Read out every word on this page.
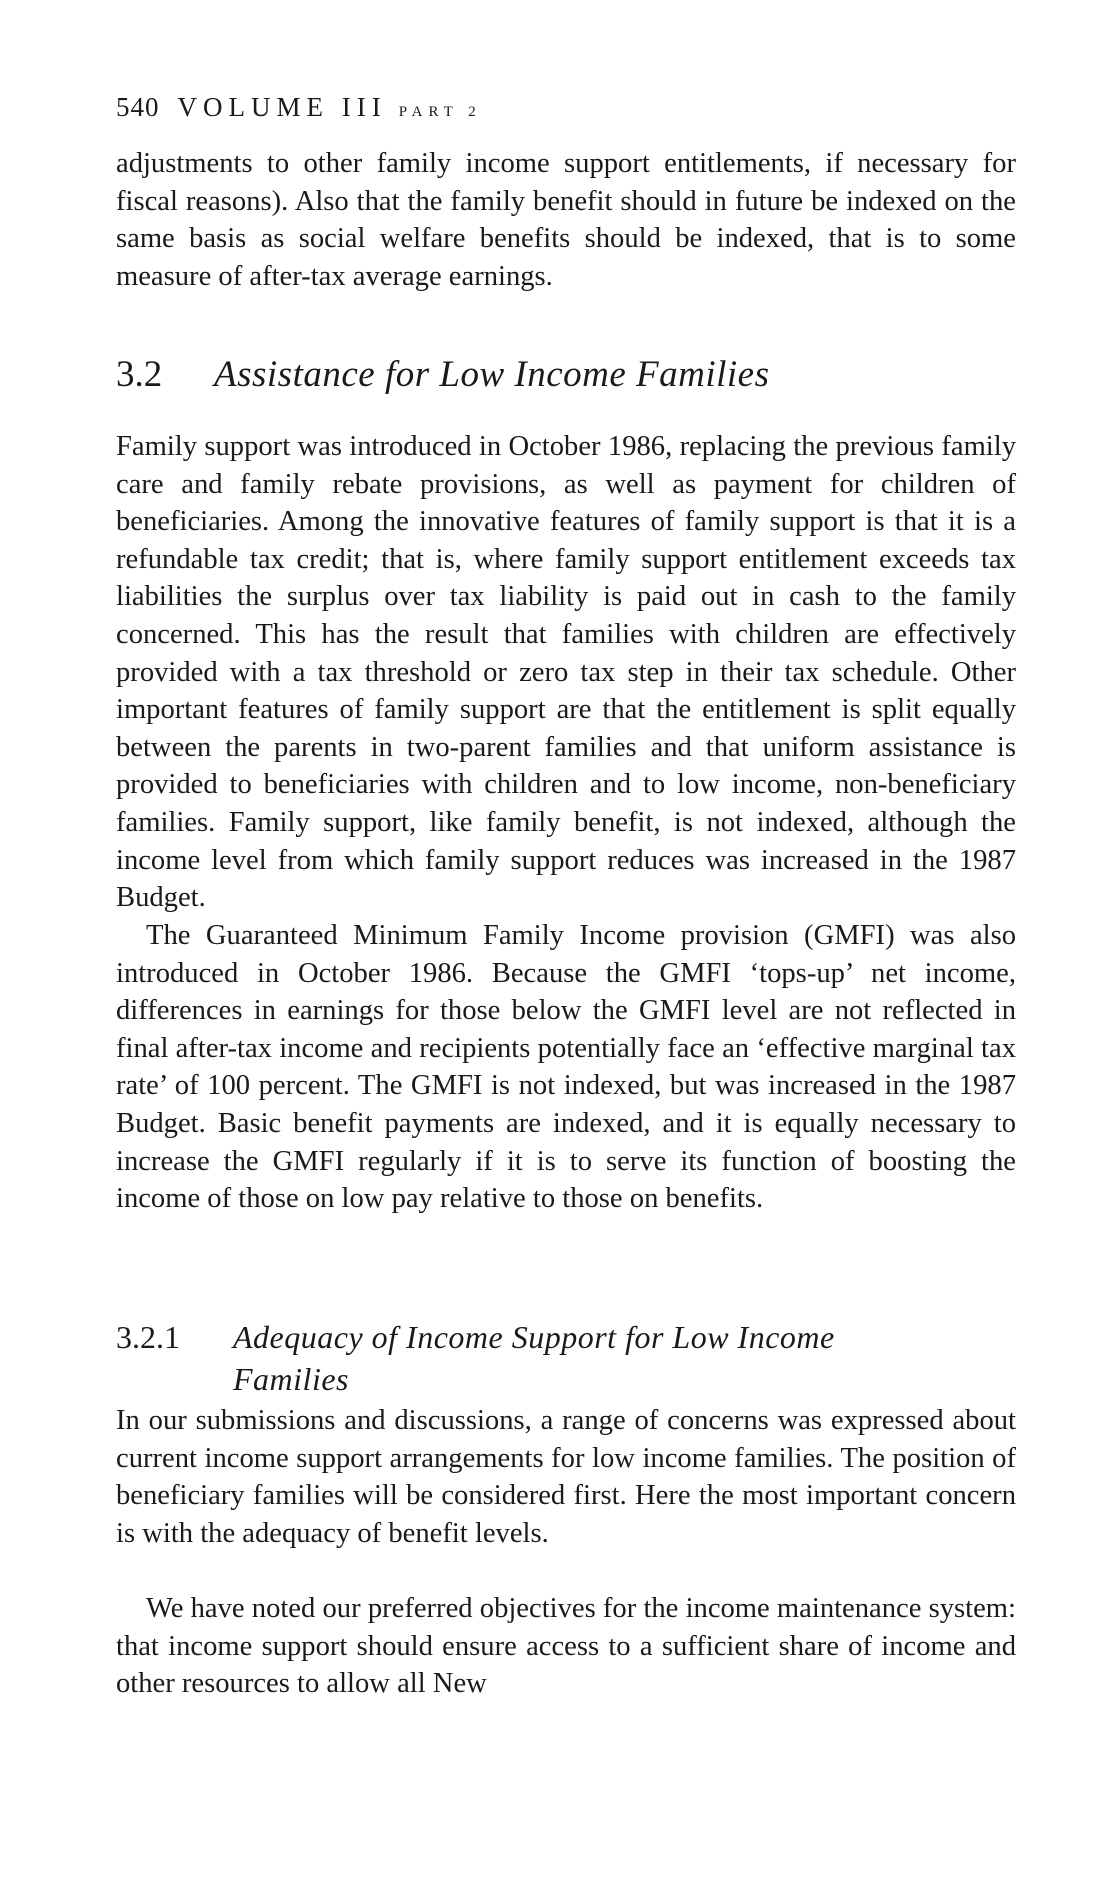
540 VOLUME III PART 2

adjustments to other family income support entitlements, if necessary for fiscal reasons). Also that the family benefit should in future be indexed on the same basis as social welfare benefits should be indexed, that is to some measure of after-tax average earnings.

3.2 Assistance for Low Income Families

Family support was introduced in October 1986, replacing the previous family care and family rebate provisions, as well as payment for children of beneficiaries. Among the innovative features of family support is that it is a refundable tax credit; that is, where family support entitlement exceeds tax liabilities the surplus over tax liability is paid out in cash to the family concerned. This has the result that families with children are effectively provided with a tax threshold or zero tax step in their tax schedule. Other important features of family support are that the entitlement is split equally between the parents in two-parent families and that uniform assistance is provided to beneficiaries with children and to low income, non-beneficiary families. Family support, like family benefit, is not indexed, although the income level from which family support reduces was increased in the 1987 Budget.

The Guaranteed Minimum Family Income provision (GMFI) was also introduced in October 1986. Because the GMFI ‘tops-up’ net income, differences in earnings for those below the GMFI level are not reflected in final after-tax income and recipients potentially face an ‘effective marginal tax rate’ of 100 percent. The GMFI is not indexed, but was increased in the 1987 Budget. Basic benefit payments are indexed, and it is equally necessary to increase the GMFI regularly if it is to serve its function of boosting the income of those on low pay relative to those on benefits.

3.2.1 Adequacy of Income Support for Low Income Families

In our submissions and discussions, a range of concerns was expressed about current income support arrangements for low income families. The position of beneficiary families will be considered first. Here the most important concern is with the adequacy of benefit levels.

We have noted our preferred objectives for the income maintenance system: that income support should ensure access to a sufficient share of income and other resources to allow all New
